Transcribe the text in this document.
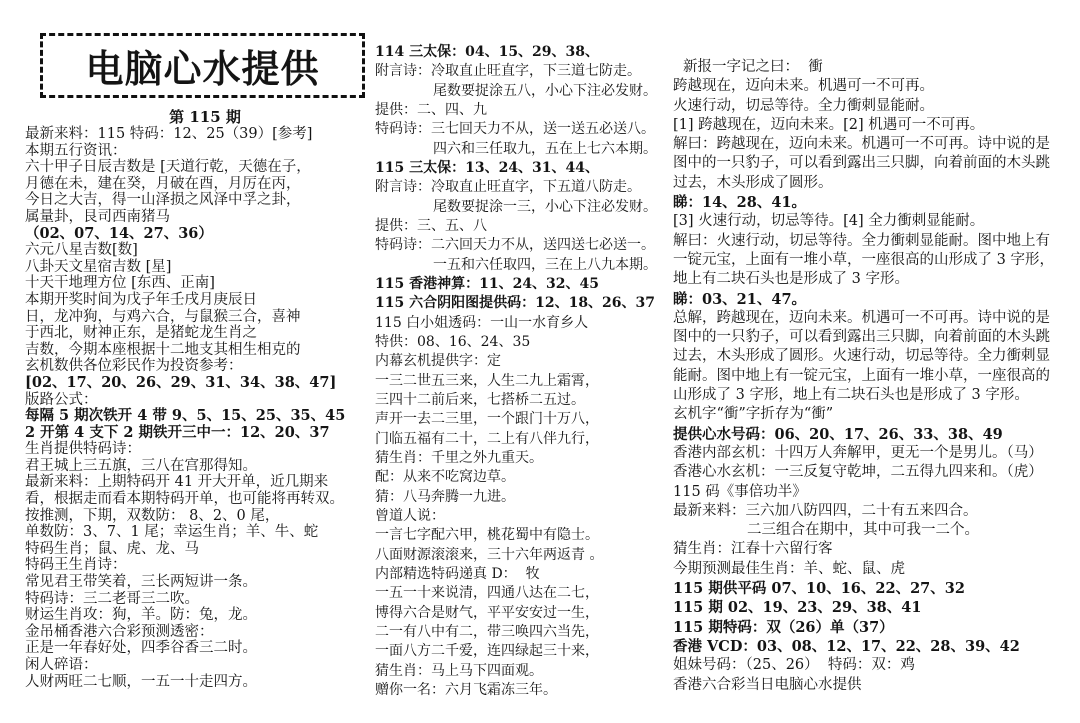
电脑心水提供
第 115 期
最新来料：115 特码：12、25（39）[参考]
本期五行资讯：
六十甲子日辰吉数是 [天道行乾，天德在子，
月德在未，建在癸，月破在酉，月厉在丙，
今日之大吉，得一山泽损之风泽中孚之卦，
属量卦，艮司西南猪马
（02、07、14、27、36）
六元八星吉数[数]
八卦天文星宿吉数 [星]
十天干地理方位 [东西、正南]
本期开奖时间为戊子年壬戌月庚辰日
日，龙冲狗，与鸡六合，与鼠猴三合，喜神
于西北，财神正东，是猪蛇龙生肖之
吉数，今期本座根据十二地支其相生相克的
玄机数供各位彩民作为投资参考：
[02、17、20、26、29、31、34、38、47]
版路公式：
每隔 5 期次铁开 4 带 9、5、15、25、35、45
2 开第 4 支下 2 期铁开三中一：12、20、37
生肖提供特码诗：
君王城上三五旗，三八在宫那得知。
最新来料：上期特码开 41 开大开单，近几期来
看，根据走而看本期特码开单，也可能将再转双。
按推测，下期，双数防： 8、2、0 尾，
单数防：3、7、1 尾；幸运生肖；羊、牛、蛇
特码生肖；鼠、虎、龙、马
特码王生肖诗：
常见君王带笑着，三长两短讲一条。
特码诗：三二老哥三二吹。
财运生肖攻：狗，羊。防：兔，龙。
金吊桶香港六合彩预测透密：
正是一年春好处，四季谷香三二时。
闲人碎语：
人财两旺二七顺，一五一十走四方。
114 三太保：04、15、29、38、
附言诗：冷取直止旺直字，下三道七防走。
尾数要捉涂五八，小心下注必发财。
提供：二、四、九
特码诗：三七回天力不从，送一送五必送八。
四六和三任取九，五在上七六本期。
115 三太保：13、24、31、44、
附言诗：冷取直止旺直字，下五道八防走。
尾数要捉涂一三，小心下注必发财。
提供：三、五、八
特码诗：二六回天力不从，送四送七必送一。
一五和六任取四，三在上八九本期。
115 香港神算：11、24、32、45
115 六合阴阳图提供码：12、18、26、37
115 白小姐透码：一山一水育乡人
特供：08、16、24、35
内幕玄机提供字：定
一三二世五三来，人生二九上霜霄，
三四十二前后来，七搭桥二五过。
声开一去二三里，一个跟门十万八，
门临五福有二十，二上有八伴九行，
猜生肖：千里之外九重天。
配：从来不吃窝边草。
猜：八马奔腾一九进。
曾道人说：
一言七字配六甲，桃花蜀中有隐士。
八面财源滚滚来，三十六年两返青 。
内部精选特码递真 D：  牧
一五一十来说清，四通八达在二七，
博得六合是财气，平平安安过一生，
二一有八中有二，带三唤四六当先，
一面八方二千爱，连四绿起三十来，
猜生肖：马上马下四面观。
赠你一名：六月飞霜冻三年。
新报一字记之曰：  衝
跨越现在，迈向未来。机遇可一不可再。
火速行动，切忌等待。全力衝刺显能耐。
[1] 跨越现在，迈向未来。[2] 机遇可一不可再。
解曰：跨越现在，迈向未来。机遇可一不可再。诗中说的是
图中的一只豹子，可以看到露出三只脚，向着前面的木头跳
过去，木头形成了圆形。
睇：14、28、41。
[3] 火速行动，切忌等待。[4] 全力衝刺显能耐。
解曰：火速行动，切忌等待。全力衝刺显能耐。图中地上有
一锭元宝，上面有一堆小草，一座很高的山形成了 3 字形，
地上有二块石头也是形成了 3 字形。
睇：03、21、47。
总解，跨越现在，迈向未来。机遇可一不可再。诗中说的是
图中的一只豹子，可以看到露出三只脚，向着前面的木头跳
过去，木头形成了圆形。火速行动，切忌等待。全力衝刺显
能耐。图中地上有一锭元宝，上面有一堆小草，一座很高的
山形成了 3 字形，地上有二块石头也是形成了 3 字形。
玄机字“衝”字折存为“衝”
提供心水号码：06、20、17、26、33、38、49
香港内部玄机：十四万人奔解甲，更无一个是男儿。（马）
香港心水玄机：一三反复守乾坤，二五得九四来和。（虎）
115 码《事倍功半》
最新来料：三六加八防四四，二十有五来四合。
二三组合在期中，其中可我一二个。
猜生肖：江春十六留行客
今期预测最佳生肖：羊、蛇、鼠、虎
115 期供平码 07、10、16、22、27、32
115 期 02、19、23、29、38、41
115 期特码：双（26）单（37）
香港 VCD：03、08、12、17、22、28、39、42
姐妹号码：（25、26）  特码：双：鸡
香港六合彩当日电脑心水提供
